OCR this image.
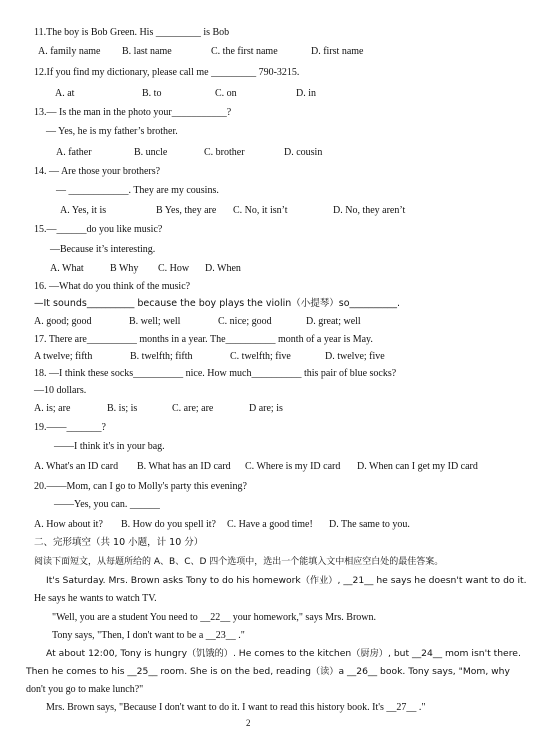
11.The boy is Bob Green. His _________ is Bob
A. family name B. last name	C. the first name	D. first name
12.If you find my dictionary, please call me _________ 790-3215.
A. at	B. to	C. on	D. in
13.— Is the man in the photo your___________?
— Yes, he is my father’s brother.
A. father	B. uncle	C. brother	D. cousin
14. — Are those your brothers?
— ____________. They are my cousins.
A. Yes, it is	B Yes, they are C. No, it isn’t	D. No, they aren’t
15.—______do you like music?
—Because it’s interesting.
A. What	B Why C. How D. When
16. —What do you think of the music?
—It sounds__________ because the boy plays the violin（小提琴）so__________.
A. good; good	B. well; well	C. nice; good	D. great; well
17. There are__________ months in a year. The__________ month of a year is May.
A twelve; fifth	B. twelfth; fifth	C. twelfth; five	D. twelve; five
18. —I think these socks__________ nice. How much__________ this pair of blue socks?
—10 dollars.
A. is; are	B. is; is	C. are; are	D are; is
19.——_______?
——I think it's in your bag.
A. What's an ID card B. What has an ID card C. Where is my ID card D. When can I get my ID card
20.——Mom, can I go to Molly's party this evening?
——Yes, you can. ______
A. How about it? B. How do you spell it? C. Have a good time! D. The same to you.
二、完形填空（共 10 小题，计 10 分）
阅读下面短文，从每题所给的 A、B、C、D 四个选项中，选出一个能填入文中相应空白处的最佳答案。
It's Saturday. Mrs. Brown asks Tony to do his homework（作业）, __21__ he says he doesn't want to do it.
He says he wants to watch TV.
"Well, you are a student You need to __22__ your homework," says Mrs. Brown.
Tony says, "Then, I don't want to be a __23__ ."
At about 12:00, Tony is hungry（饥饿的）. He comes to the kitchen（厨房）, but __24__ mom isn't there.
Then he comes to his __25__ room. She is on the bed, reading（读）a __26__ book. Tony says, "Mom, why
don't you go to make lunch?"
Mrs. Brown says, "Because I don't want to do it. I want to read this history book. It's __27__ ."
2
